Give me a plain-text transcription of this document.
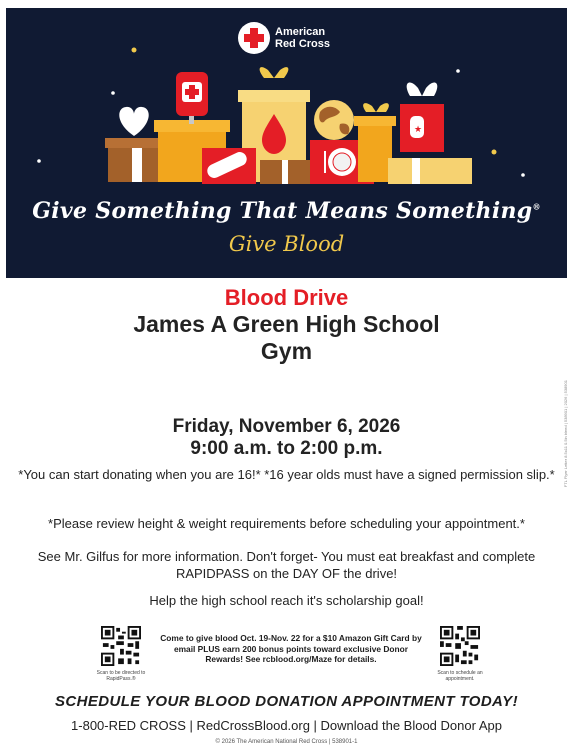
American
Red Cross
★
Give Something That Means Something®
Give Blood
Blood Drive
James A Green High School
Gym
Friday, November 6, 2026
9:00 a.m. to 2:00 p.m.
*You can start donating when you are 16!* *16 year olds must have a signed permission slip.*
*Please review height & weight requirements before scheduling your appointment.*
See Mr. Gilfus for more information. Don't forget- You must eat breakfast and complete RAPIDPASS on the DAY OF the drive!
Help the high school reach it's scholarship goal!
Scan to be directed to RapidPass.®
Come to give blood Oct. 19-Nov. 22 for a $10 Amazon Gift Card by email PLUS earn 200 bonus points toward exclusive Donor Rewards! See rcblood.org/Maze for details.
Scan to schedule an appointment.
SCHEDULE YOUR BLOOD DONATION APPOINTMENT TODAY!
1-800-RED CROSS | RedCrossBlood.org | Download the Blood Donor App
© 2026 The American National Red Cross | 538901-1
FTL Flyer Letter 8.5x11 0.5in bleed | 538901 | 2026 | 538901
